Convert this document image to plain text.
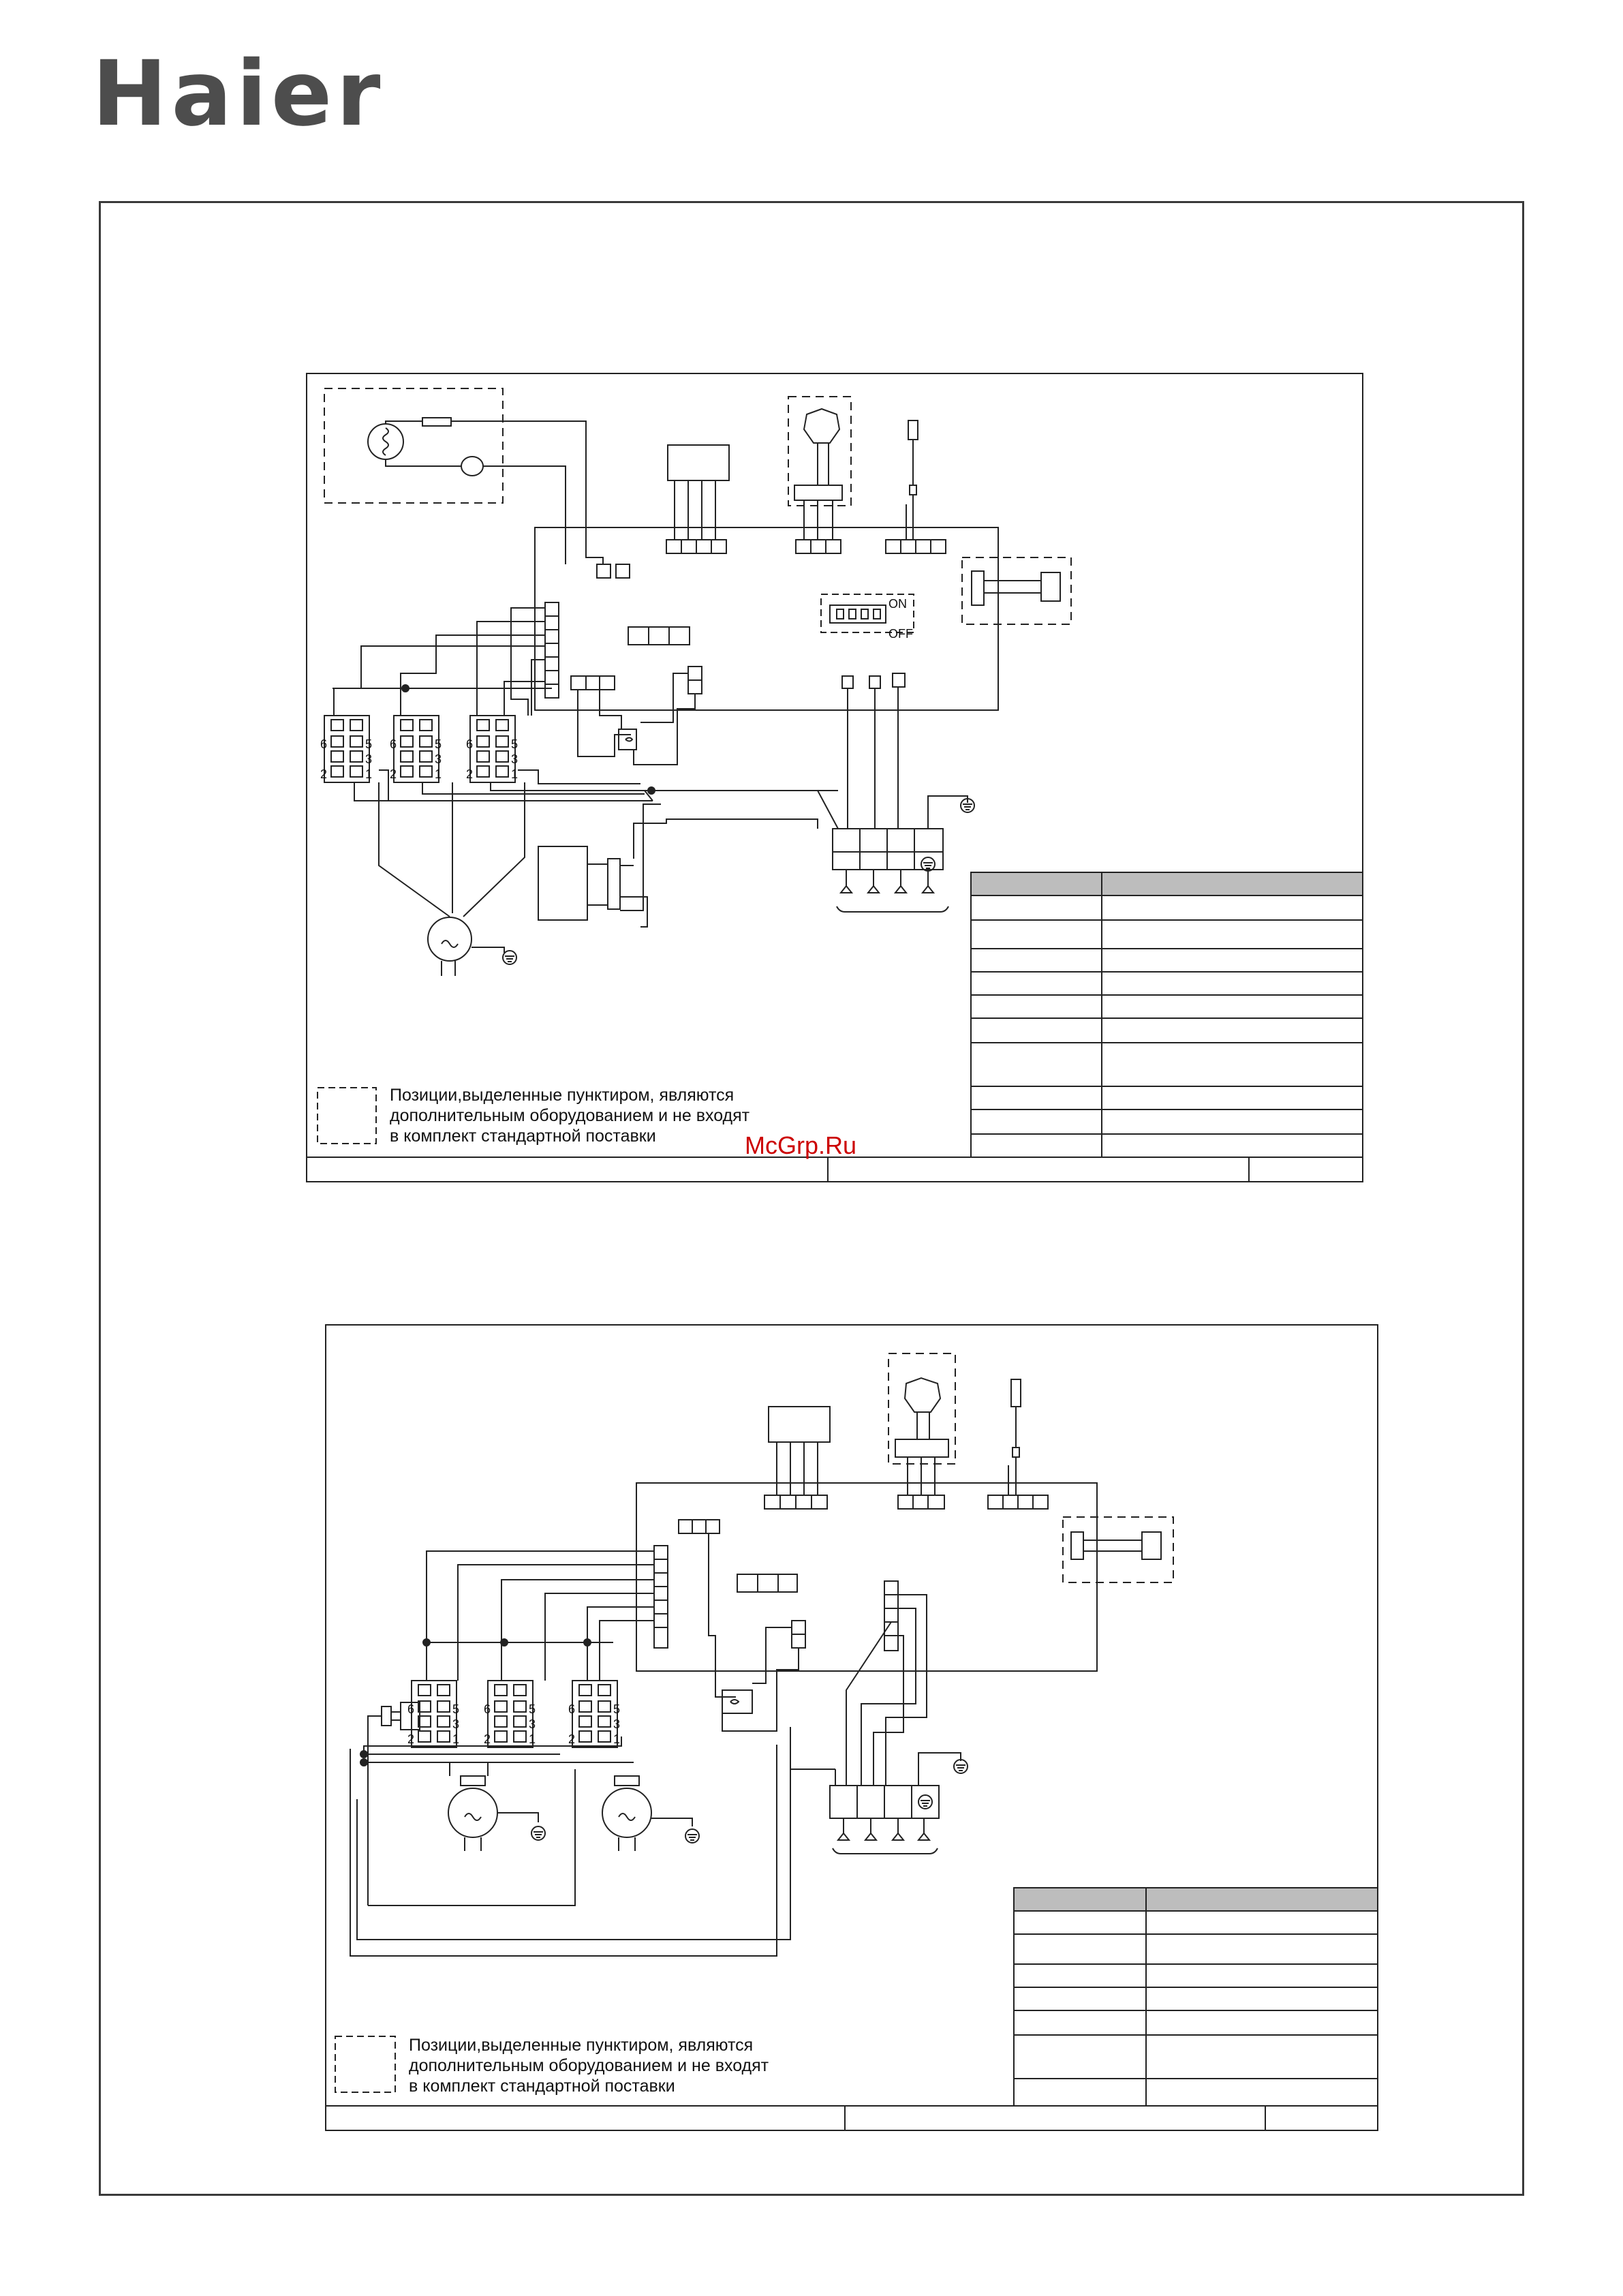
Haier
ON
OFF
6	5
3
2	1
6	5
3
2	1
6	5
3
2	1
6	5
3
2	1
6	5
3
2	1
6	5
3
2	1
Позиции,выделенные пунктиром, являются
дополнительным оборудованием и не входят
в комплект стандартной поставки
Позиции,выделенные пунктиром, являются
дополнительным оборудованием и не входят
в комплект стандартной поставки
McGrp.Ru
